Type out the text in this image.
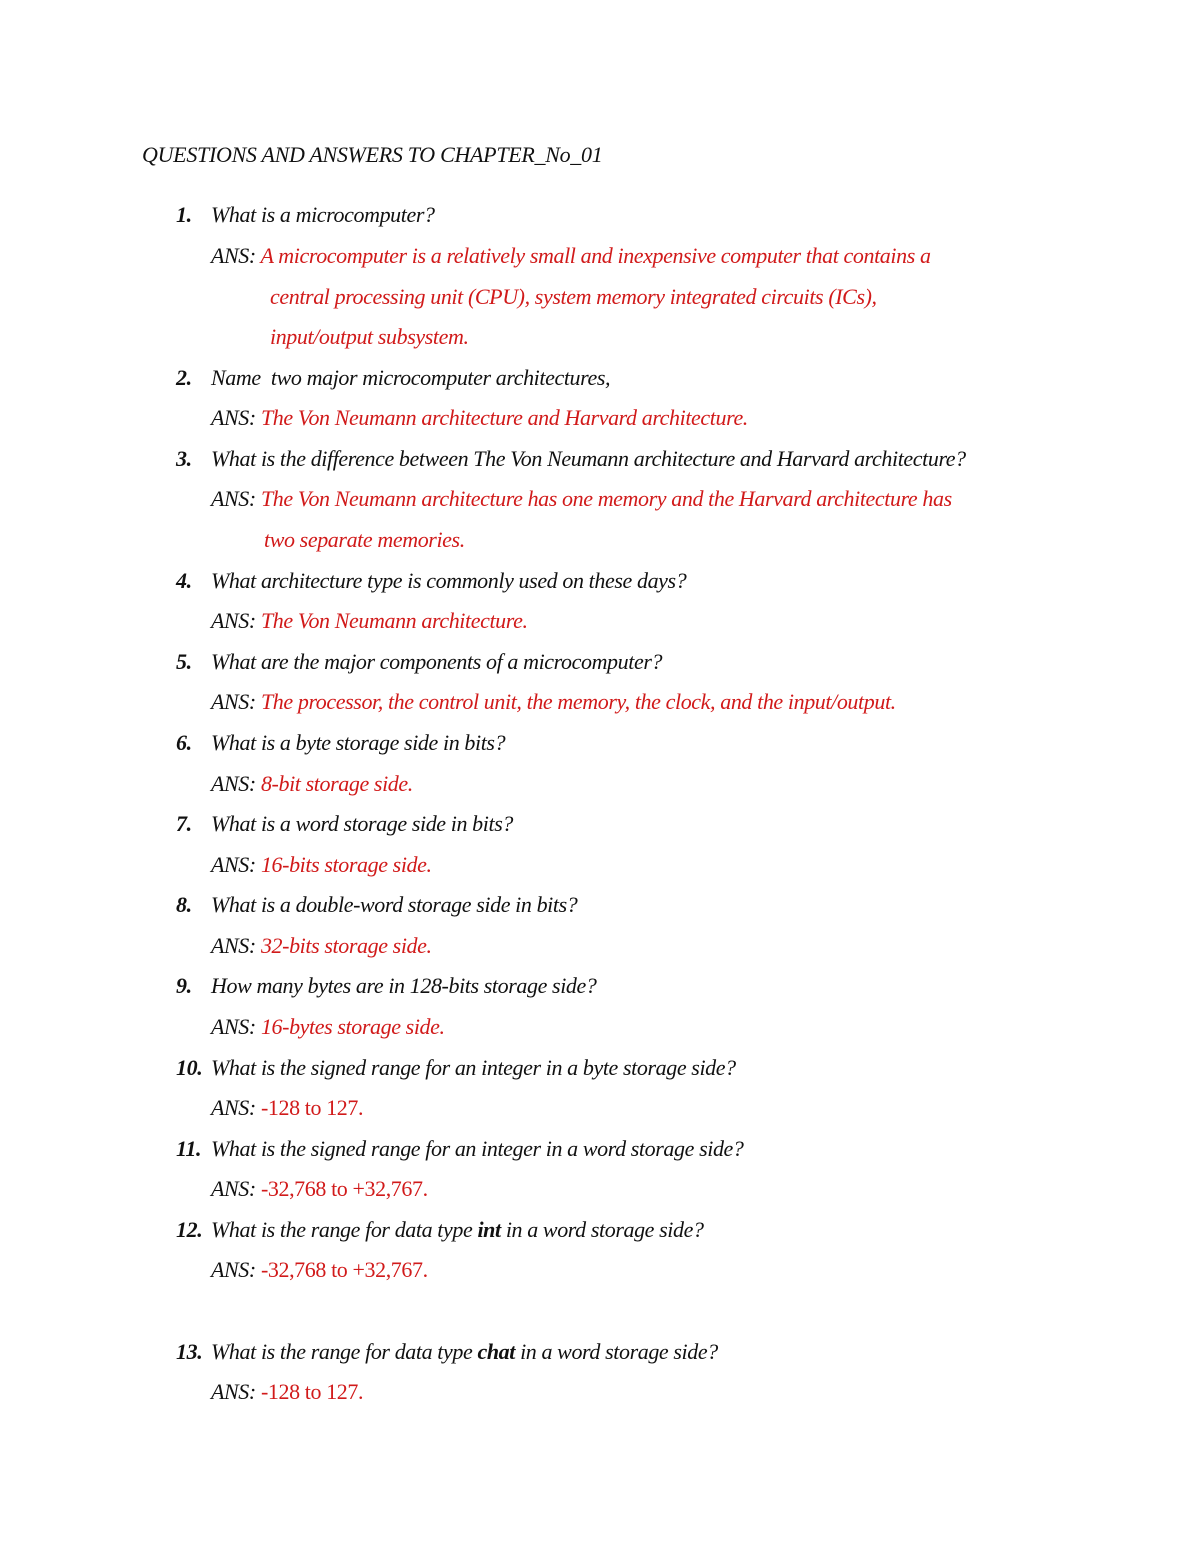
QUESTIONS AND ANSWERS TO CHAPTER_No_01
1. What is a microcomputer?
ANS: A microcomputer is a relatively small and inexpensive computer that contains a
central processing unit (CPU), system memory integrated circuits (ICs),
input/output subsystem.
2. Name  two major microcomputer architectures,
ANS: The Von Neumann architecture and Harvard architecture.
3. What is the difference between The Von Neumann architecture and Harvard architecture?
ANS: The Von Neumann architecture has one memory and the Harvard architecture has
two separate memories.
4. What architecture type is commonly used on these days?
ANS: The Von Neumann architecture.
5. What are the major components of a microcomputer?
ANS: The processor, the control unit, the memory, the clock, and the input/output.
6. What is a byte storage side in bits?
ANS: 8-bit storage side.
7. What is a word storage side in bits?
ANS: 16-bits storage side.
8. What is a double-word storage side in bits?
ANS: 32-bits storage side.
9. How many bytes are in 128-bits storage side?
ANS: 16-bytes storage side.
10. What is the signed range for an integer in a byte storage side?
ANS: -128 to 127.
11. What is the signed range for an integer in a word storage side?
ANS: -32,768 to +32,767.
12. What is the range for data type int in a word storage side?
ANS: -32,768 to +32,767.
13. What is the range for data type chat in a word storage side?
ANS: -128 to 127.
